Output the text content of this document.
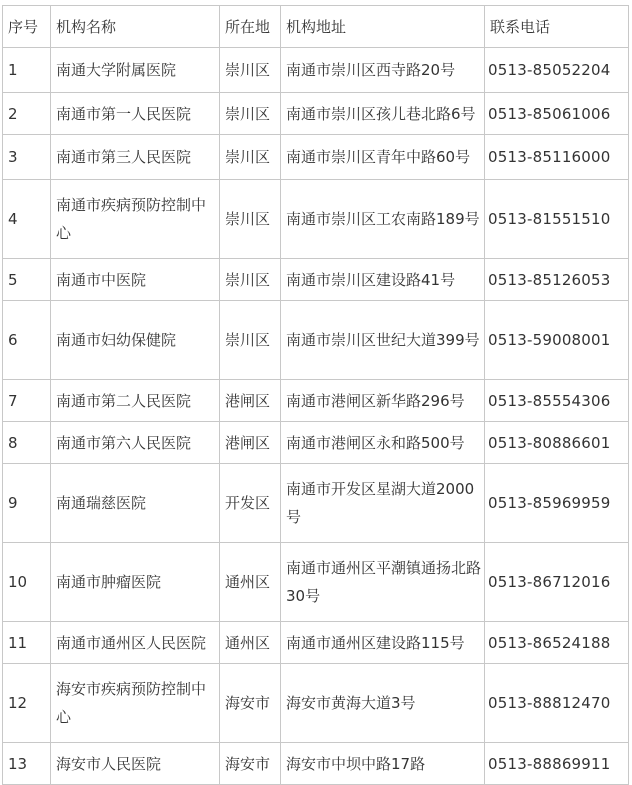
序号	机构名称	所在地	机构地址	联系电话
1	南通大学附属医院	崇川区	南通市崇川区西寺路20号	0513-85052204
2	南通市第一人民医院	崇川区	南通市崇川区孩儿巷北路6号	0513-85061006
3	南通市第三人民医院	崇川区	南通市崇川区青年中路60号	0513-85116000
4	南通市疾病预防控制中心	崇川区	南通市崇川区工农南路189号	0513-81551510
5	南通市中医院	崇川区	南通市崇川区建设路41号	0513-85126053
6	南通市妇幼保健院	崇川区	南通市崇川区世纪大道399号	0513-59008001
7	南通市第二人民医院	港闸区	南通市港闸区新华路296号	0513-85554306
8	南通市第六人民医院	港闸区	南通市港闸区永和路500号	0513-80886601
9	南通瑞慈医院	开发区	南通市开发区星湖大道2000号	0513-85969959
10	南通市肿瘤医院	通州区	南通市通州区平潮镇通扬北路30号	0513-86712016
11	南通市通州区人民医院	通州区	南通市通州区建设路115号	0513-86524188
12	海安市疾病预防控制中心	海安市	海安市黄海大道3号	0513-88812470
13	海安市人民医院	海安市	海安市中坝中路17路	0513-88869911
